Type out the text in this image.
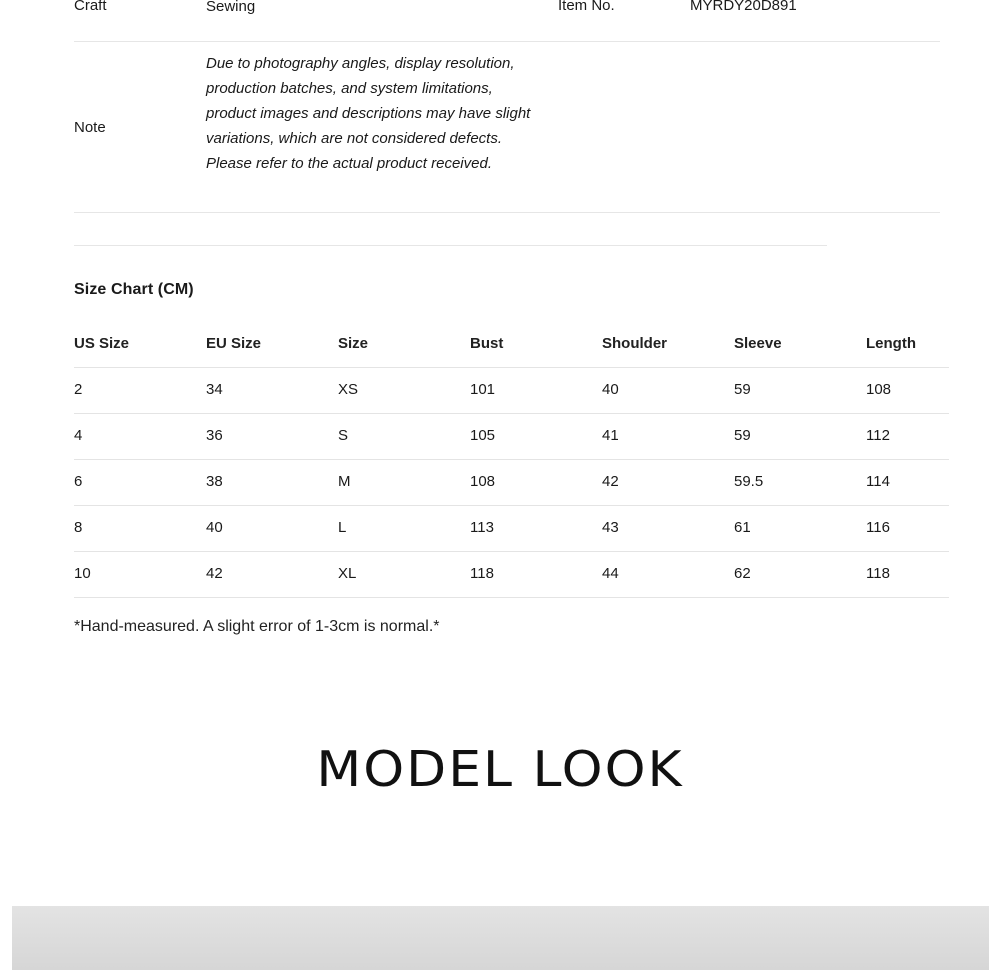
Craft	Sewing	Item No.	MYRDY20D891
Note
Due to photography angles, display resolution, production batches, and system limitations, product images and descriptions may have slight variations, which are not considered defects. Please refer to the actual product received.
Size Chart (CM)
US Size	EU Size	Size	Bust	Shoulder	Sleeve	Length
2	34	XS	101	40	59	108
4	36	S	105	41	59	112
6	38	M	108	42	59.5	114
8	40	L	113	43	61	116
10	42	XL	118	44	62	118
*Hand-measured. A slight error of 1-3cm is normal.*
MODEL LOOK
